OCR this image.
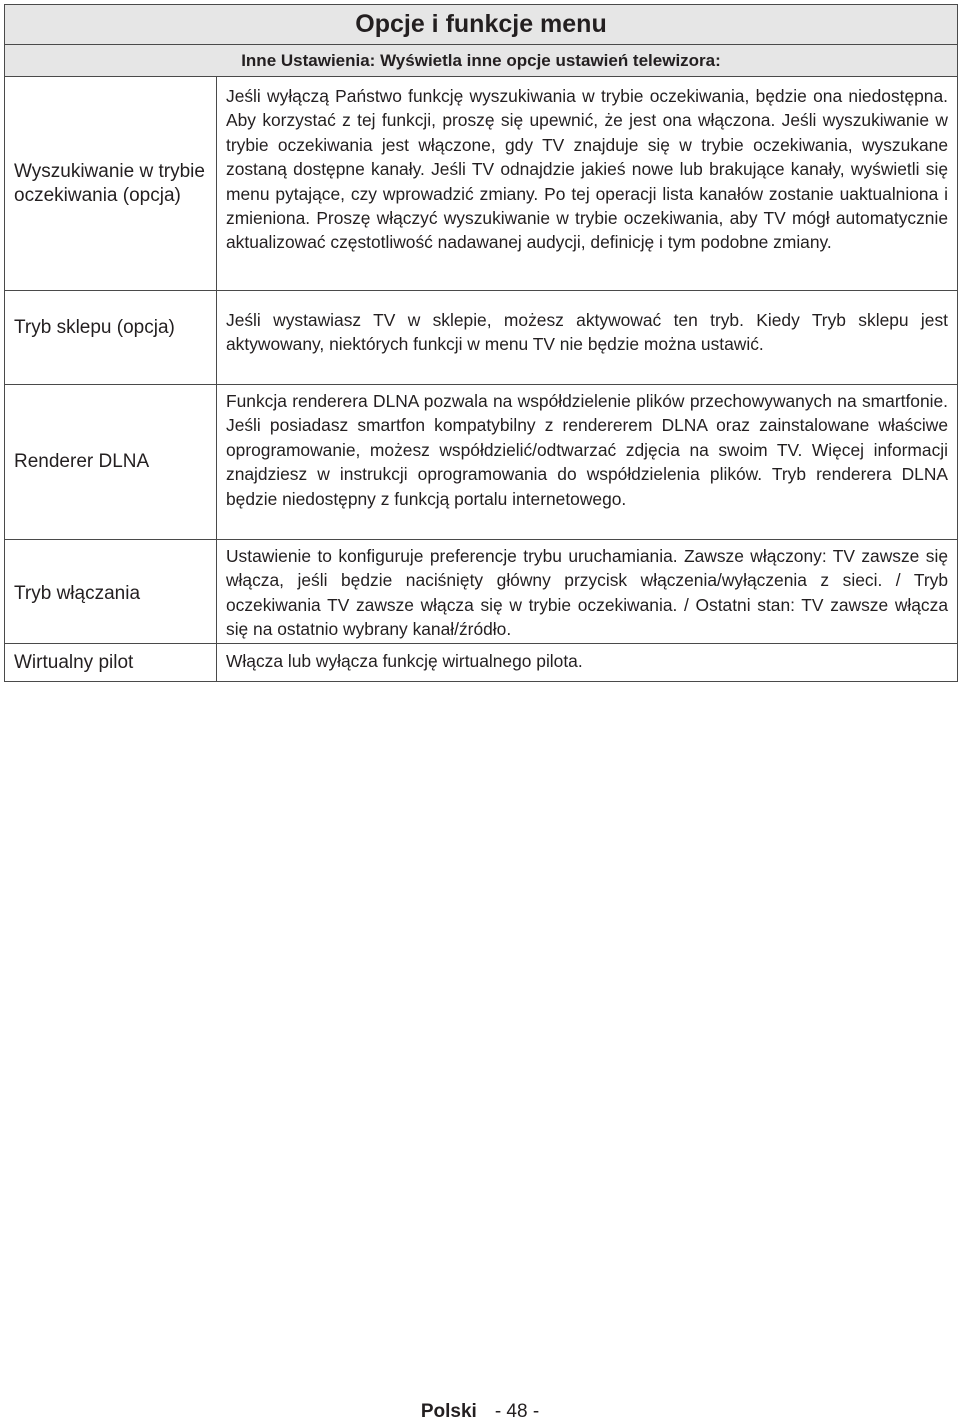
Opcje i funkcje menu
Inne Ustawienia: Wyświetla inne opcje ustawień telewizora:
Wyszukiwanie w trybie oczekiwania (opcja)
Jeśli wyłączą Państwo funkcję wyszukiwania w trybie oczekiwania, będzie ona niedostępna. Aby korzystać z tej funkcji, proszę się upewnić, że jest ona włączona. Jeśli wyszukiwanie w trybie oczekiwania jest włączone, gdy TV znajduje się w trybie oczekiwania, wyszukane zostaną dostępne kanały. Jeśli TV odnajdzie jakieś nowe lub brakujące kanały, wyświetli się menu pytające, czy wprowadzić zmiany. Po tej operacji lista kanałów zostanie uaktualniona i zmieniona. Proszę włączyć wyszukiwanie w trybie oczekiwania, aby TV mógł automatycznie aktualizować częstotliwość nadawanej audycji, definicję i tym podobne zmiany.
Tryb sklepu (opcja)	Jeśli wystawiasz TV w sklepie, możesz aktywować ten tryb. Kiedy Tryb sklepu jest aktywowany, niektórych funkcji w menu TV nie będzie można ustawić.
Renderer DLNA
Funkcja renderera DLNA pozwala na współdzielenie plików przechowywanych na smartfonie. Jeśli posiadasz smartfon kompatybilny z rendererem DLNA oraz zainstalowane właściwe oprogramowanie, możesz współdzielić/odtwarzać zdjęcia na swoim TV. Więcej informacji znajdziesz w instrukcji oprogramowania do współdzielenia plików. Tryb renderera DLNA będzie niedostępny z funkcją portalu internetowego.
Tryb włączania
Ustawienie to konfiguruje preferencje trybu uruchamiania. Zawsze włączony: TV zawsze się włącza, jeśli będzie naciśnięty główny przycisk włączenia/wyłączenia z sieci. / Tryb oczekiwania TV zawsze włącza się w trybie oczekiwania. / Ostatni stan: TV zawsze włącza się na ostatnio wybrany kanał/źródło.
Wirtualny pilot	Włącza lub wyłącza funkcję wirtualnego pilota.
Polski - 48 -
